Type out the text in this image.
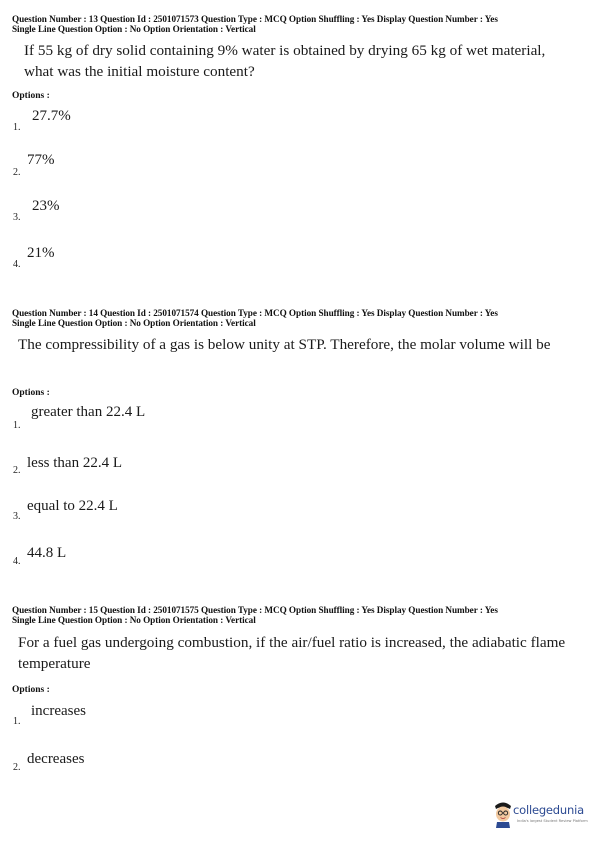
Question Number : 13 Question Id : 2501071573 Question Type : MCQ Option Shuffling : Yes Display Question Number : Yes
Single Line Question Option : No Option Orientation : Vertical
If 55 kg of dry solid containing 9% water is obtained by drying 65 kg of wet material, what was the initial moisture content?
Options :
1.
27.7%
2.
77%
3.
23%
4.
21%
Question Number : 14 Question Id : 2501071574 Question Type : MCQ Option Shuffling : Yes Display Question Number : Yes
Single Line Question Option : No Option Orientation : Vertical
The compressibility of a gas is below unity at STP. Therefore, the molar volume will be
Options :
1.
greater than 22.4 L
2. less than 22.4 L
3.
equal to 22.4 L
4.
44.8 L
Question Number : 15 Question Id : 2501071575 Question Type : MCQ Option Shuffling : Yes Display Question Number : Yes
Single Line Question Option : No Option Orientation : Vertical
For a fuel gas undergoing combustion, if the air/fuel ratio is increased, the adiabatic flame temperature
Options :
1.
increases
2.
decreases
collegedunia
India's largest Student Review Platform
